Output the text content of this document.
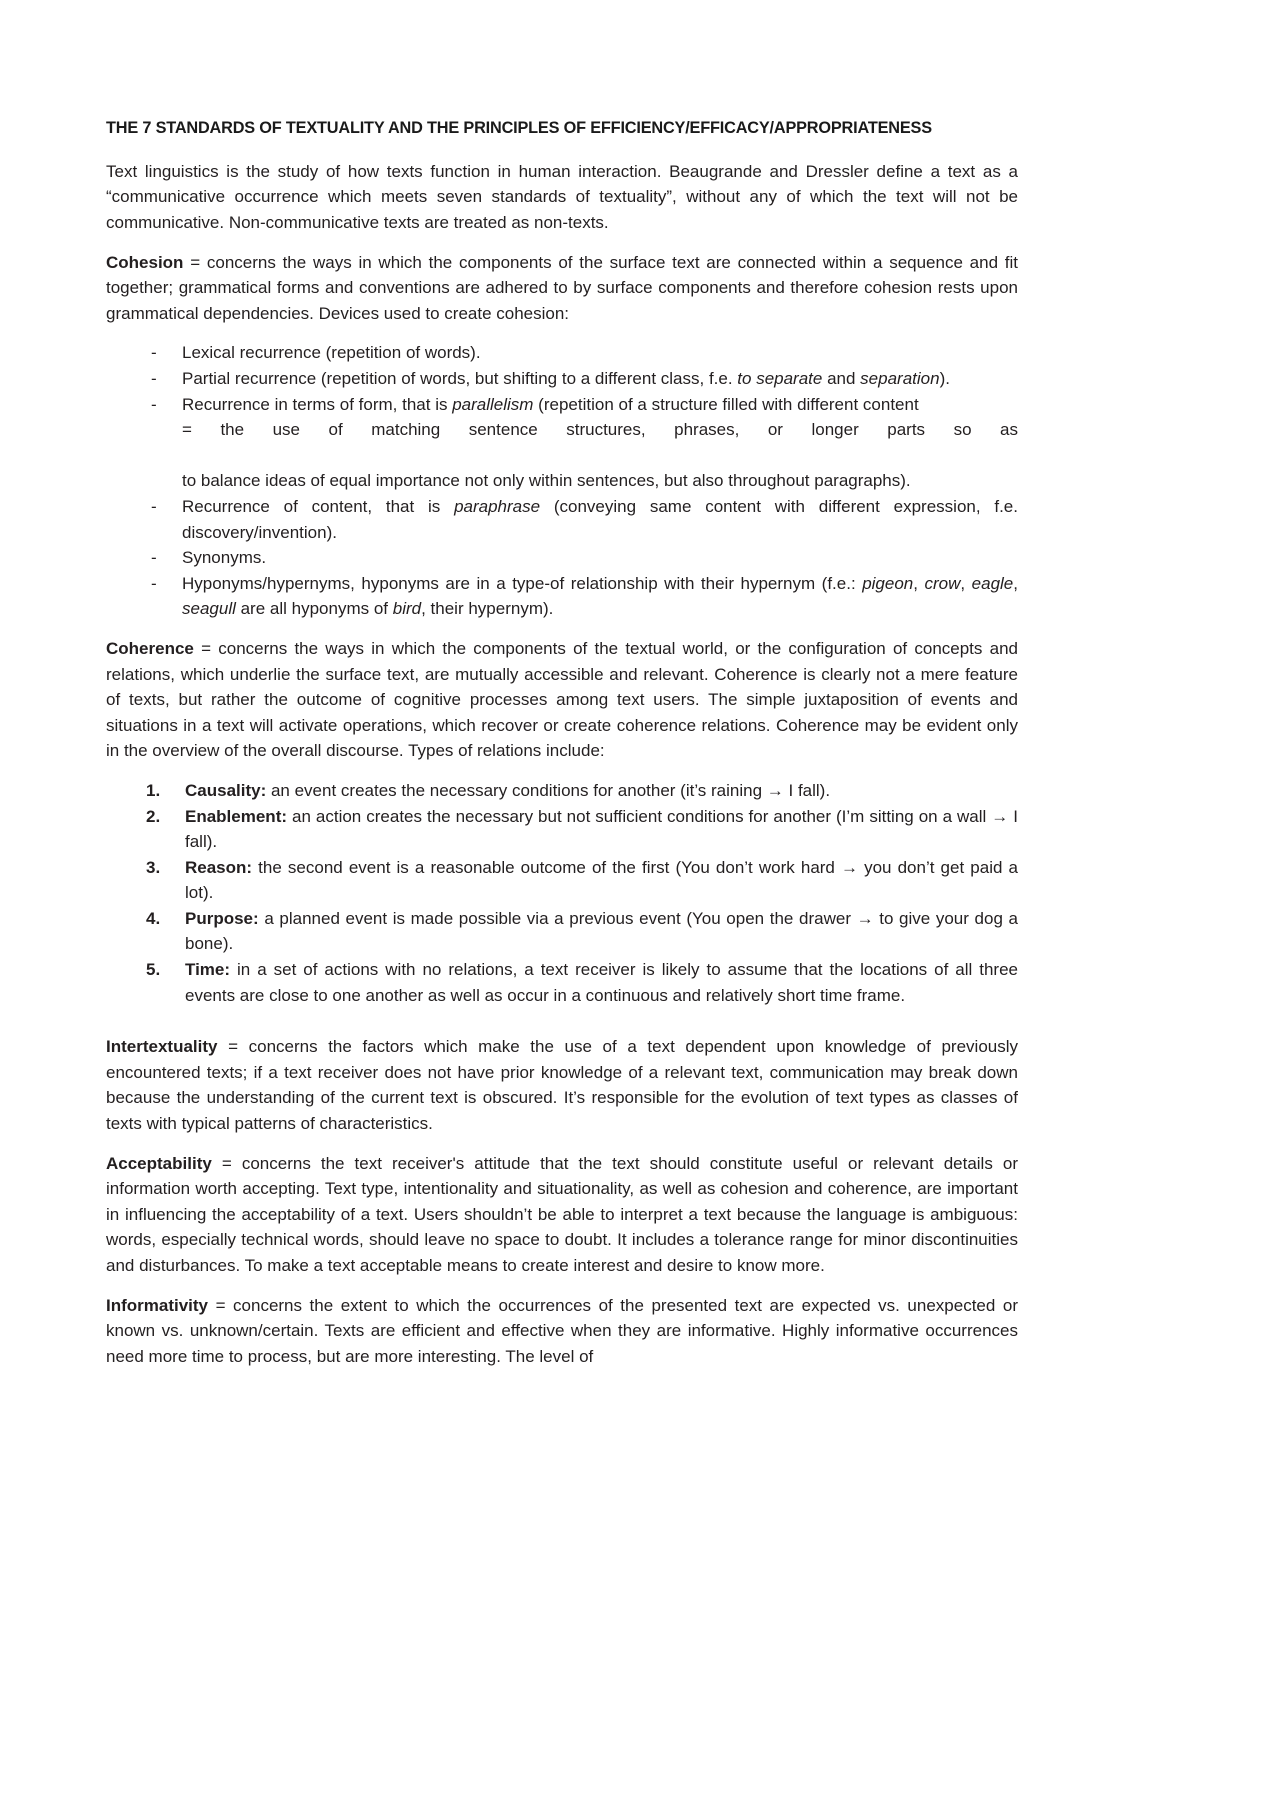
THE 7 STANDARDS OF TEXTUALITY AND THE PRINCIPLES OF EFFICIENCY/EFFICACY/APPROPRIATENESS

Text linguistics is the study of how texts function in human interaction. Beaugrande and Dressler define a text as a “communicative occurrence which meets seven standards of textuality”, without any of which the text will not be communicative. Non-communicative texts are treated as non-texts.

Cohesion = concerns the ways in which the components of the surface text are connected within a sequence and fit together; grammatical forms and conventions are adhered to by surface components and therefore cohesion rests upon grammatical dependencies. Devices used to create cohesion:

- Lexical recurrence (repetition of words).
- Partial recurrence (repetition of words, but shifting to a different class, f.e. to separate and separation).
- Recurrence in terms of form, that is parallelism (repetition of a structure filled with different content
= the use of matching sentence structures, phrases, or longer parts so as
to balance ideas of equal importance not only within sentences, but also throughout paragraphs).
- Recurrence of content, that is paraphrase (conveying same content with different expression, f.e. discovery/invention).
- Synonyms.
- Hyponyms/hypernyms, hyponyms are in a type-of relationship with their hypernym (f.e.: pigeon, crow, eagle, seagull are all hyponyms of bird, their hypernym).

Coherence = concerns the ways in which the components of the textual world, or the configuration of concepts and relations, which underlie the surface text, are mutually accessible and relevant. Coherence is clearly not a mere feature of texts, but rather the outcome of cognitive processes among text users. The simple juxtaposition of events and situations in a text will activate operations, which recover or create coherence relations. Coherence may be evident only in the overview of the overall discourse. Types of relations include:

Causality: an event creates the necessary conditions for another (it’s raining → I fall).
Enablement: an action creates the necessary but not sufficient conditions for another (I’m sitting on a wall → I fall).
Reason: the second event is a reasonable outcome of the first (You don’t work hard → you don’t get paid a lot).
Purpose: a planned event is made possible via a previous event (You open the drawer → to give your dog a bone).
Time: in a set of actions with no relations, a text receiver is likely to assume that the locations of all three events are close to one another as well as occur in a continuous and relatively short time frame.

Intertextuality = concerns the factors which make the use of a text dependent upon knowledge of previously encountered texts; if a text receiver does not have prior knowledge of a relevant text, communication may break down because the understanding of the current text is obscured. It’s responsible for the evolution of text types as classes of texts with typical patterns of characteristics.

Acceptability = concerns the text receiver's attitude that the text should constitute useful or relevant details or information worth accepting. Text type, intentionality and situationality, as well as cohesion and coherence, are important in influencing the acceptability of a text. Users shouldn’t be able to interpret a text because the language is ambiguous: words, especially technical words, should leave no space to doubt. It includes a tolerance range for minor discontinuities and disturbances. To make a text acceptable means to create interest and desire to know more.

Informativity = concerns the extent to which the occurrences of the presented text are expected vs. unexpected or known vs. unknown/certain. Texts are efficient and effective when they are informative. Highly informative occurrences need more time to process, but are more interesting. The level of
